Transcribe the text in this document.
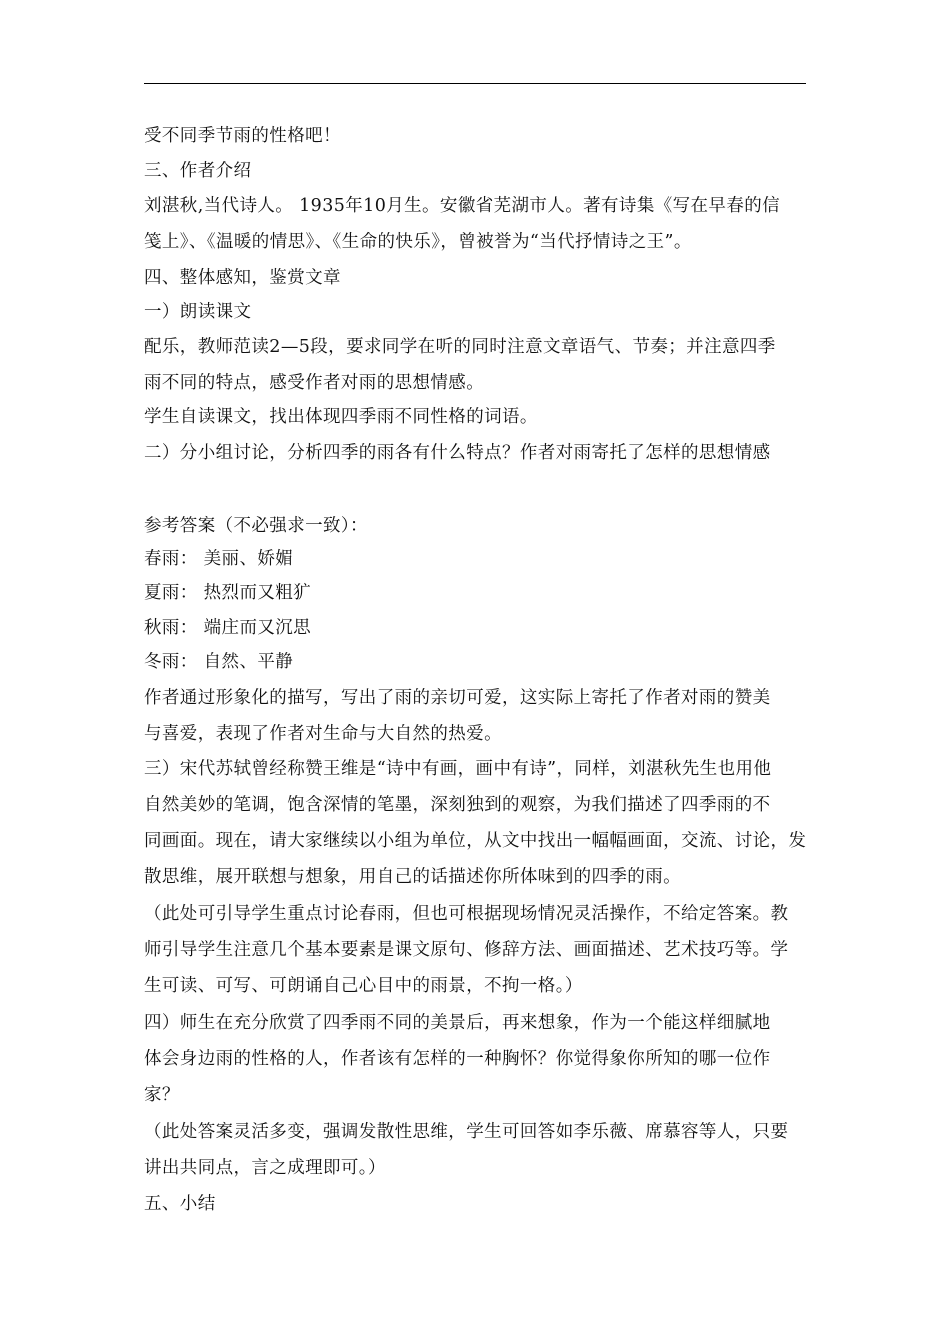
受不同季节雨的性格吧！
三、作者介绍
刘湛秋,当代诗人。 1935年10月生。安徽省芜湖市人。著有诗集《写在早春的信
笺上》、《温暖的情思》、《生命的快乐》，曾被誉为“当代抒情诗之王”。
四、整体感知，鉴赏文章
一）朗读课文
配乐，教师范读2—5段，要求同学在听的同时注意文章语气、节奏；并注意四季
雨不同的特点，感受作者对雨的思想情感。
学生自读课文，找出体现四季雨不同性格的词语。
二）分小组讨论，分析四季的雨各有什么特点？作者对雨寄托了怎样的思想情感
参考答案（不必强求一致）：
春雨： 美丽、娇媚
夏雨： 热烈而又粗犷
秋雨： 端庄而又沉思
冬雨： 自然、平静
作者通过形象化的描写，写出了雨的亲切可爱，这实际上寄托了作者对雨的赞美
与喜爱，表现了作者对生命与大自然的热爱。
三）宋代苏轼曾经称赞王维是“诗中有画，画中有诗”，同样，刘湛秋先生也用他
自然美妙的笔调，饱含深情的笔墨，深刻独到的观察，为我们描述了四季雨的不
同画面。现在，请大家继续以小组为单位，从文中找出一幅幅画面，交流、讨论，发
散思维，展开联想与想象，用自己的话描述你所体味到的四季的雨。
（此处可引导学生重点讨论春雨，但也可根据现场情况灵活操作，不给定答案。教
师引导学生注意几个基本要素是课文原句、修辞方法、画面描述、艺术技巧等。学
生可读、可写、可朗诵自己心目中的雨景，不拘一格。）
四）师生在充分欣赏了四季雨不同的美景后，再来想象，作为一个能这样细腻地
体会身边雨的性格的人，作者该有怎样的一种胸怀？你觉得象你所知的哪一位作
家？
（此处答案灵活多变，强调发散性思维，学生可回答如李乐薇、席慕容等人，只要
讲出共同点，言之成理即可。）
五、小结
